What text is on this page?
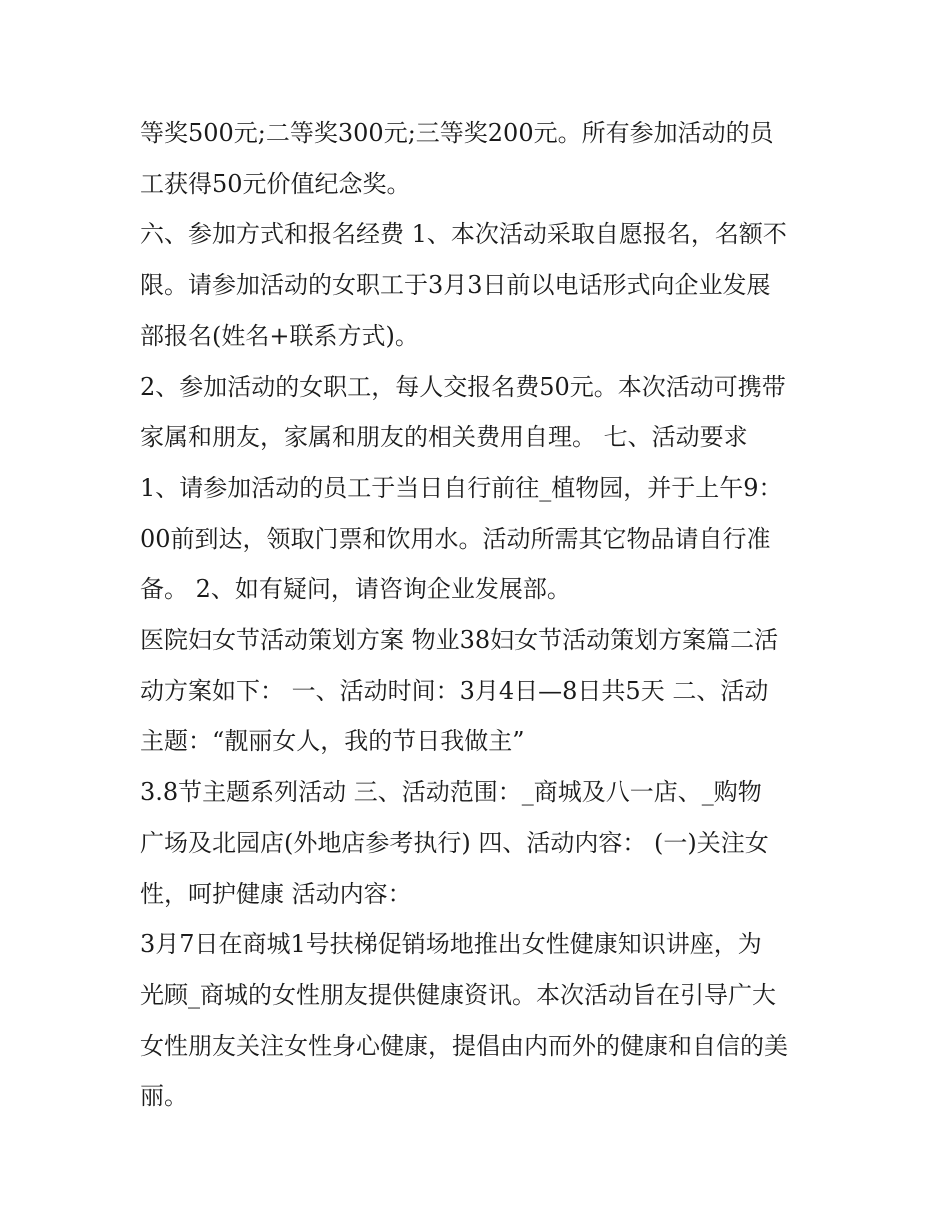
等奖500元;二等奖300元;三等奖200元。所有参加活动的员

工获得50元价值纪念奖。

六、参加方式和报名经费 1、本次活动采取自愿报名，名额不

限。请参加活动的女职工于3月3日前以电话形式向企业发展

部报名(姓名+联系方式)。

2、参加活动的女职工，每人交报名费50元。本次活动可携带

家属和朋友，家属和朋友的相关费用自理。 七、活动要求

1、请参加活动的员工于当日自行前往_植物园，并于上午9：

00前到达，领取门票和饮用水。活动所需其它物品请自行准

备。 2、如有疑问，请咨询企业发展部。

医院妇女节活动策划方案 物业38妇女节活动策划方案篇二活

动方案如下： 一、活动时间：3月4日—8日共5天 二、活动

主题：“靓丽女人，我的节日我做主”

3.8节主题系列活动 三、活动范围：_商城及八一店、_购物

广场及北园店(外地店参考执行) 四、活动内容： (一)关注女

性，呵护健康 活动内容：

3月7日在商城1号扶梯促销场地推出女性健康知识讲座，为

光顾_商城的女性朋友提供健康资讯。本次活动旨在引导广大

女性朋友关注女性身心健康，提倡由内而外的健康和自信的美

丽。
